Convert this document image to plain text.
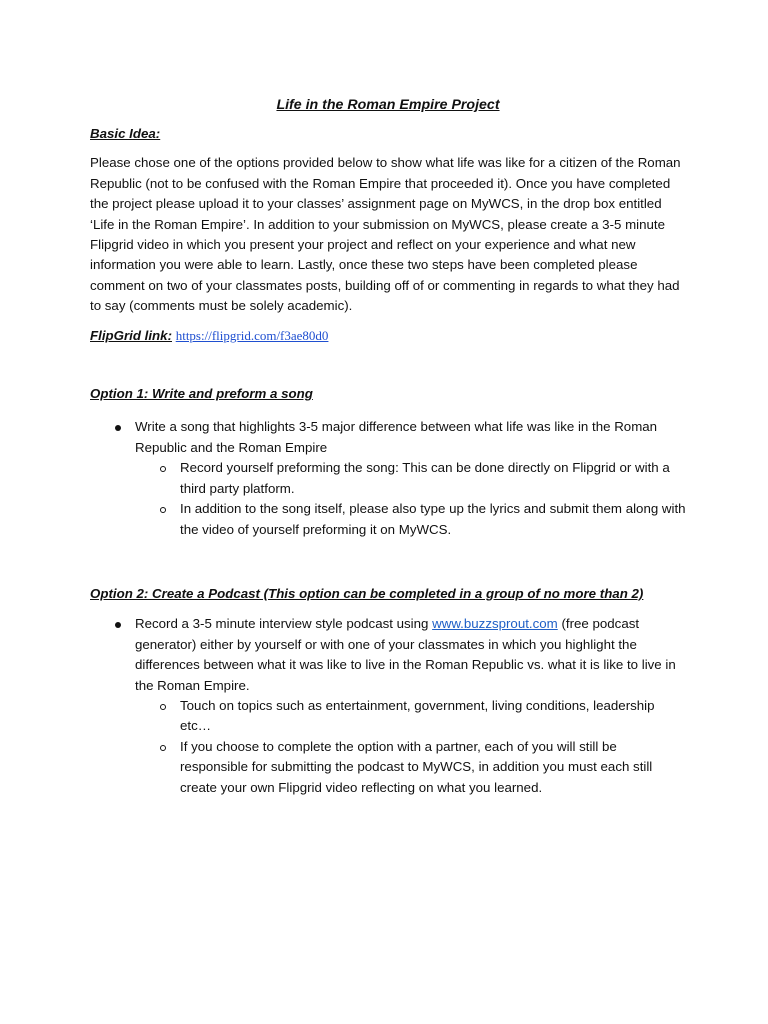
Life in the Roman Empire Project
Basic Idea:

Please chose one of the options provided below to show what life was like for a citizen of the Roman Republic (not to be confused with the Roman Empire that proceeded it). Once you have completed the project please upload it to your classes’ assignment page on MyWCS, in the drop box entitled ‘Life in the Roman Empire’. In addition to your submission on MyWCS, please create a 3-5 minute Flipgrid video in which you present your project and reflect on your experience and what new information you were able to learn. Lastly, once these two steps have been completed please comment on two of your classmates posts, building off of or commenting in regards to what they had to say (comments must be solely academic).

FlipGrid link: https://flipgrid.com/f3ae80d0

Option 1: Write and preform a song
Write a song that highlights 3-5 major difference between what life was like in the Roman Republic and the Roman Empire
Record yourself preforming the song: This can be done directly on Flipgrid or with a third party platform.
In addition to the song itself, please also type up the lyrics and submit them along with the video of yourself preforming it on MyWCS.
Option 2: Create a Podcast (This option can be completed in a group of no more than 2)
Record a 3-5 minute interview style podcast using www.buzzsprout.com (free podcast generator) either by yourself or with one of your classmates in which you highlight the differences between what it was like to live in the Roman Republic vs. what it is like to live in the Roman Empire.
Touch on topics such as entertainment, government, living conditions, leadership etc…
If you choose to complete the option with a partner, each of you will still be responsible for submitting the podcast to MyWCS, in addition you must each still create your own Flipgrid video reflecting on what you learned.
